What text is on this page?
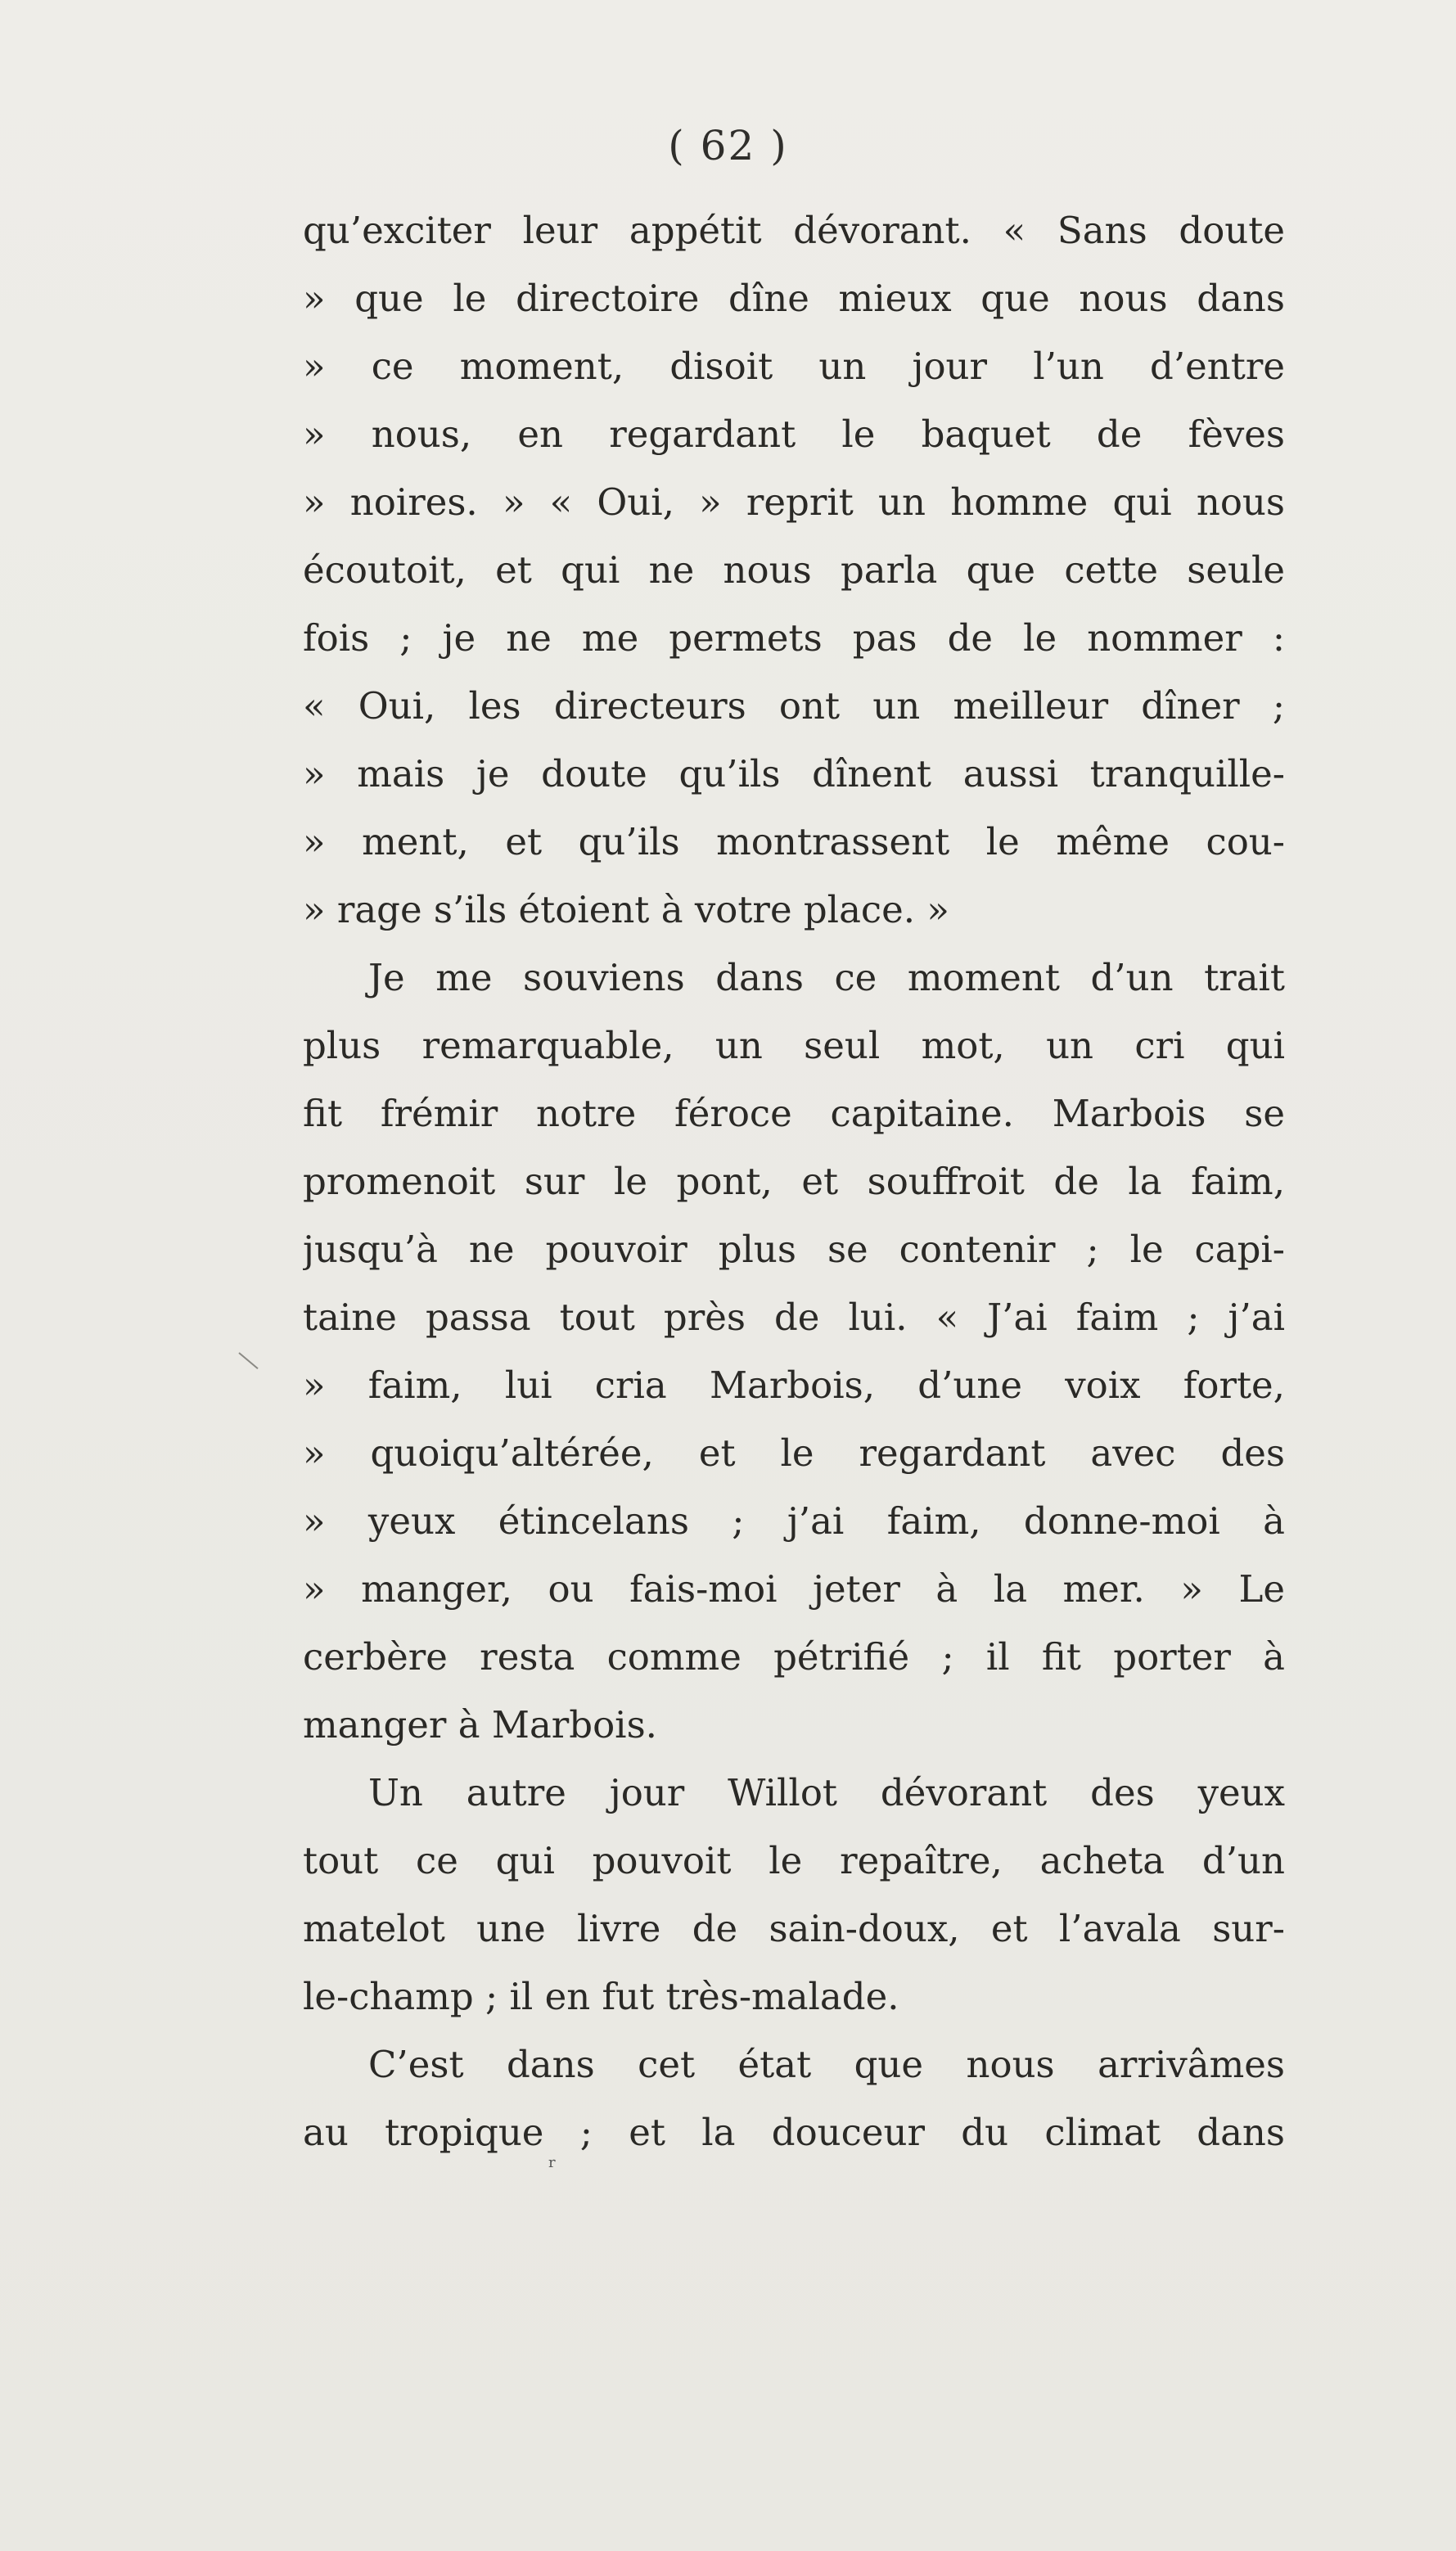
( 62 )
qu’exciter leur appétit dévorant. « Sans doute
» que le directoire dîne mieux que nous dans
» ce moment, disoit un jour l’un d’entre
» nous, en regardant le baquet de fèves
» noires. » « Oui, » reprit un homme qui nous
écoutoit, et qui ne nous parla que cette seule
fois ; je ne me permets pas de le nommer :
« Oui, les directeurs ont un meilleur dîner ;
» mais je doute qu’ils dînent aussi tranquille-
» ment, et qu’ils montrassent le même cou-
» rage s’ils étoient à votre place. »
Je me souviens dans ce moment d’un trait
plus remarquable, un seul mot, un cri qui
fit frémir notre féroce capitaine. Marbois se
promenoit sur le pont, et souffroit de la faim,
jusqu’à ne pouvoir plus se contenir ; le capi-
taine passa tout près de lui. « J’ai faim ; j’ai
» faim, lui cria Marbois, d’une voix forte,
» quoiqu’altérée, et le regardant avec des
» yeux étincelans ; j’ai faim, donne-moi à
» manger, ou fais-moi jeter à la mer. » Le
cerbère resta comme pétrifié ; il fit porter à
manger à Marbois.
Un autre jour Willot dévorant des yeux
tout ce qui pouvoit le repaître, acheta d’un
matelot une livre de sain-doux, et l’avala sur-
le-champ ; il en fut très-malade.
C’est dans cet état que nous arrivâmes
au tropique ; et la douceur du climat dans
r
